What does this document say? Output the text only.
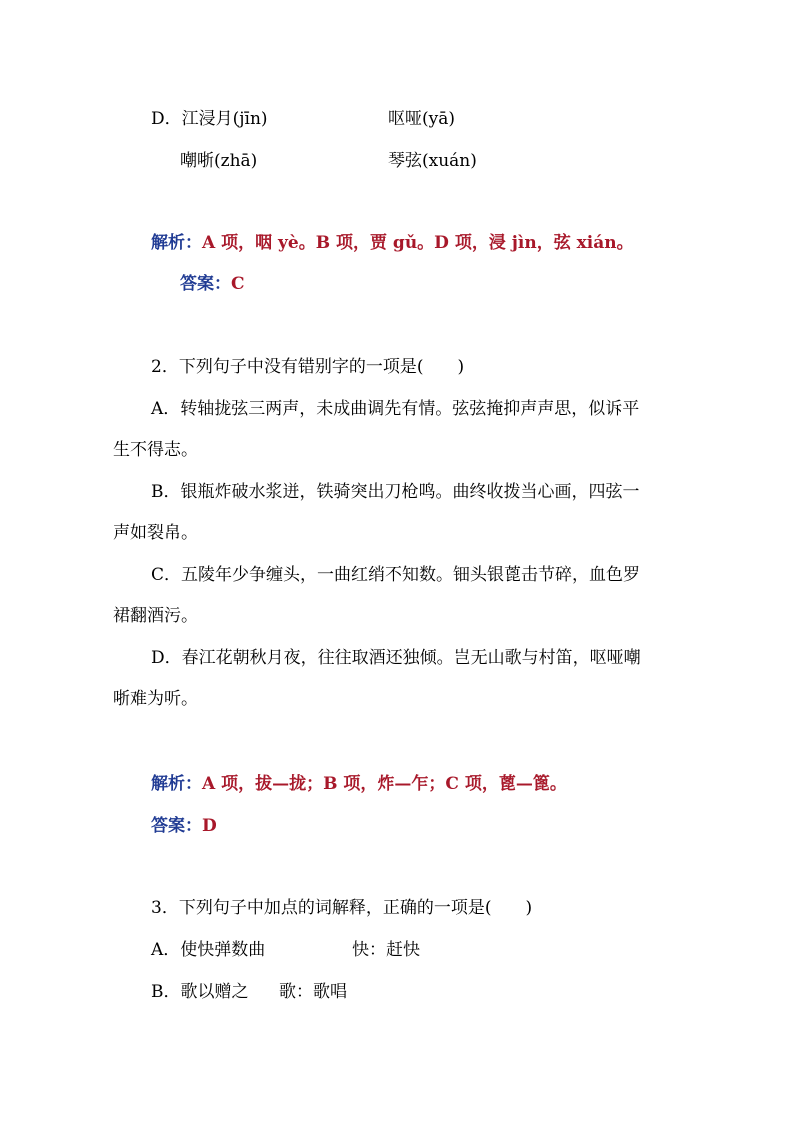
D．江浸月(jīn)	呕哑(yā)
嘲哳(zhā)	琴弦(xuán)
解析：A 项，咽 yè。B 项，贾 gǔ。D 项，浸 jìn，弦 xián。
答案：C
2．下列句子中没有错别字的一项是(　　)
A．转轴拢弦三两声，未成曲调先有情。弦弦掩抑声声思，似诉平
生不得志。
B．银瓶炸破水浆迸，铁骑突出刀枪鸣。曲终收拨当心画，四弦一
声如裂帛。
C．五陵年少争缠头，一曲红绡不知数。钿头银蓖击节碎，血色罗
裙翻酒污。
D．春江花朝秋月夜，往往取酒还独倾。岂无山歌与村笛，呕哑嘲
哳难为听。
解析：A 项，拔—拢；B 项，炸—乍；C 项，蓖—篦。
答案：D
3．下列句子中加点的词解释，正确的一项是(　　)
A．使快弹数曲	快：赶快
B．歌以赠之 歌：歌唱
